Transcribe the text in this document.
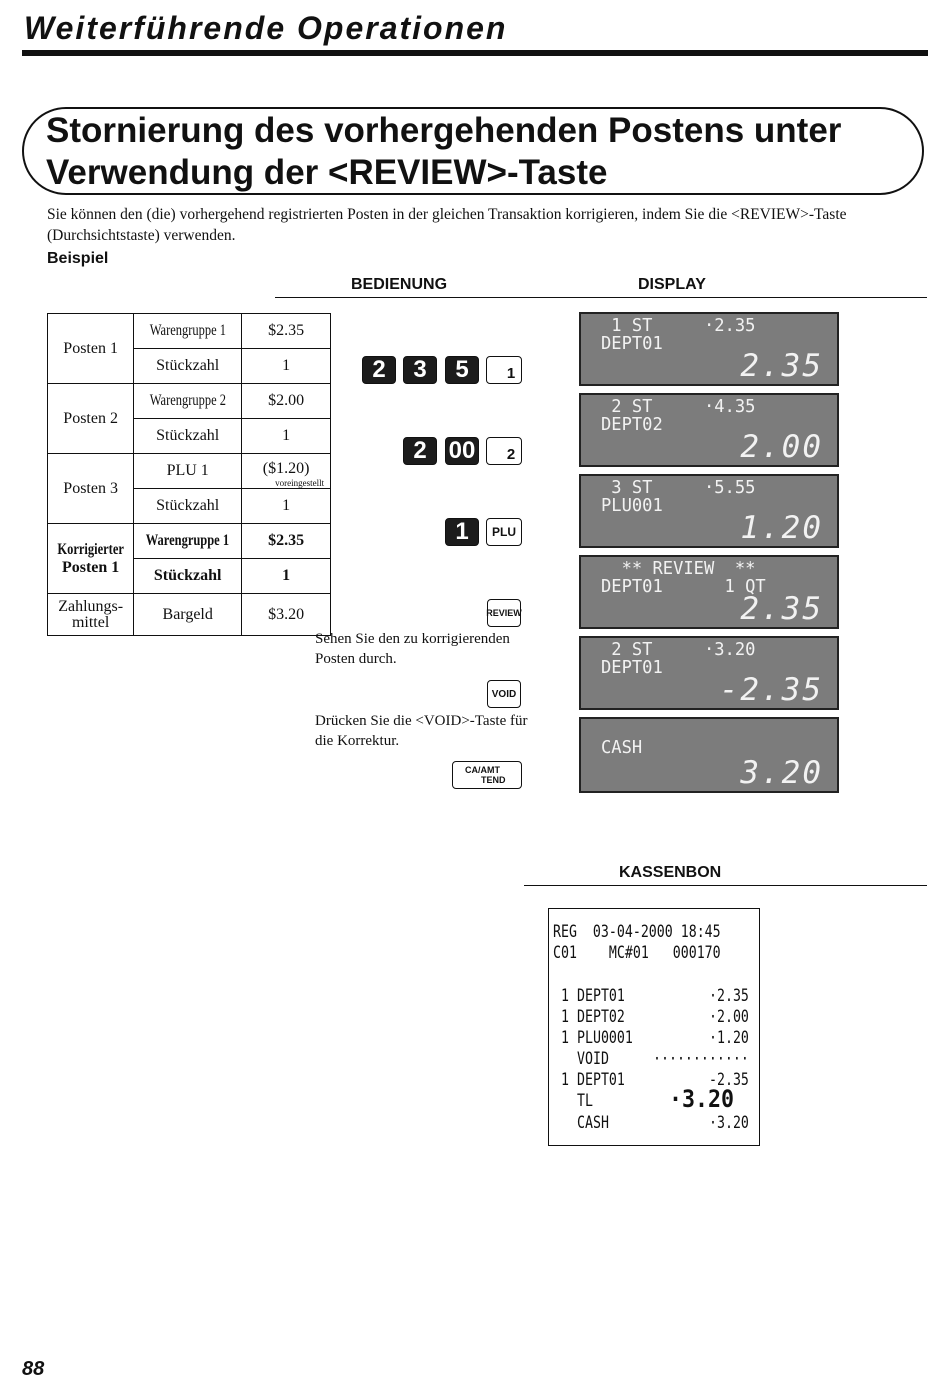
Weiterführende Operationen
Stornierung des vorhergehenden Postens unter
Verwendung der <REVIEW>-Taste
Sie können den (die) vorhergehend registrierten Posten in der gleichen Transaktion korrigieren, indem Sie die <REVIEW>-Taste (Durchsichtstaste) verwenden.
Beispiel
BEDIENUNG	DISPLAY
Posten 1	Warengruppe 1	$2.35
	Stückzahl	1
Posten 2	Warengruppe 2	$2.00
	Stückzahl	1
Posten 3	PLU 1	($1.20)
voreingestellt

	Stückzahl	1

Korrigierter
Posten 1	Warengruppe 1	$2.35
	Stückzahl	1

Zahlungs-
mittel	Bargeld	$3.20
2	3	5	1
2 00 2
1	PLU
REVIEW
Sehen Sie den zu korrigierenden Posten durch.
VOID
Drücken Sie die <VOID>-Taste für die Korrektur.
CA/AMT
TEND
1 ST     ·2.35
DEPT01
2.35
2 ST     ·4.35
DEPT02
2.00
3 ST     ·5.55
PLU001
1.20
** REVIEW  **
DEPT01      1 QT
2.35
2 ST     ·3.20
DEPT01
-2.35
CASH
3.20
KASSENBON
REG  03-04-2000 18:45
C01    MC#01   000170
1 DEPT01	·2.35
1 DEPT02	·2.00
1 PLU0001	·1.20
VOID	············
1 DEPT01	-2.35
TL	·3.20
CASH	·3.20
88
